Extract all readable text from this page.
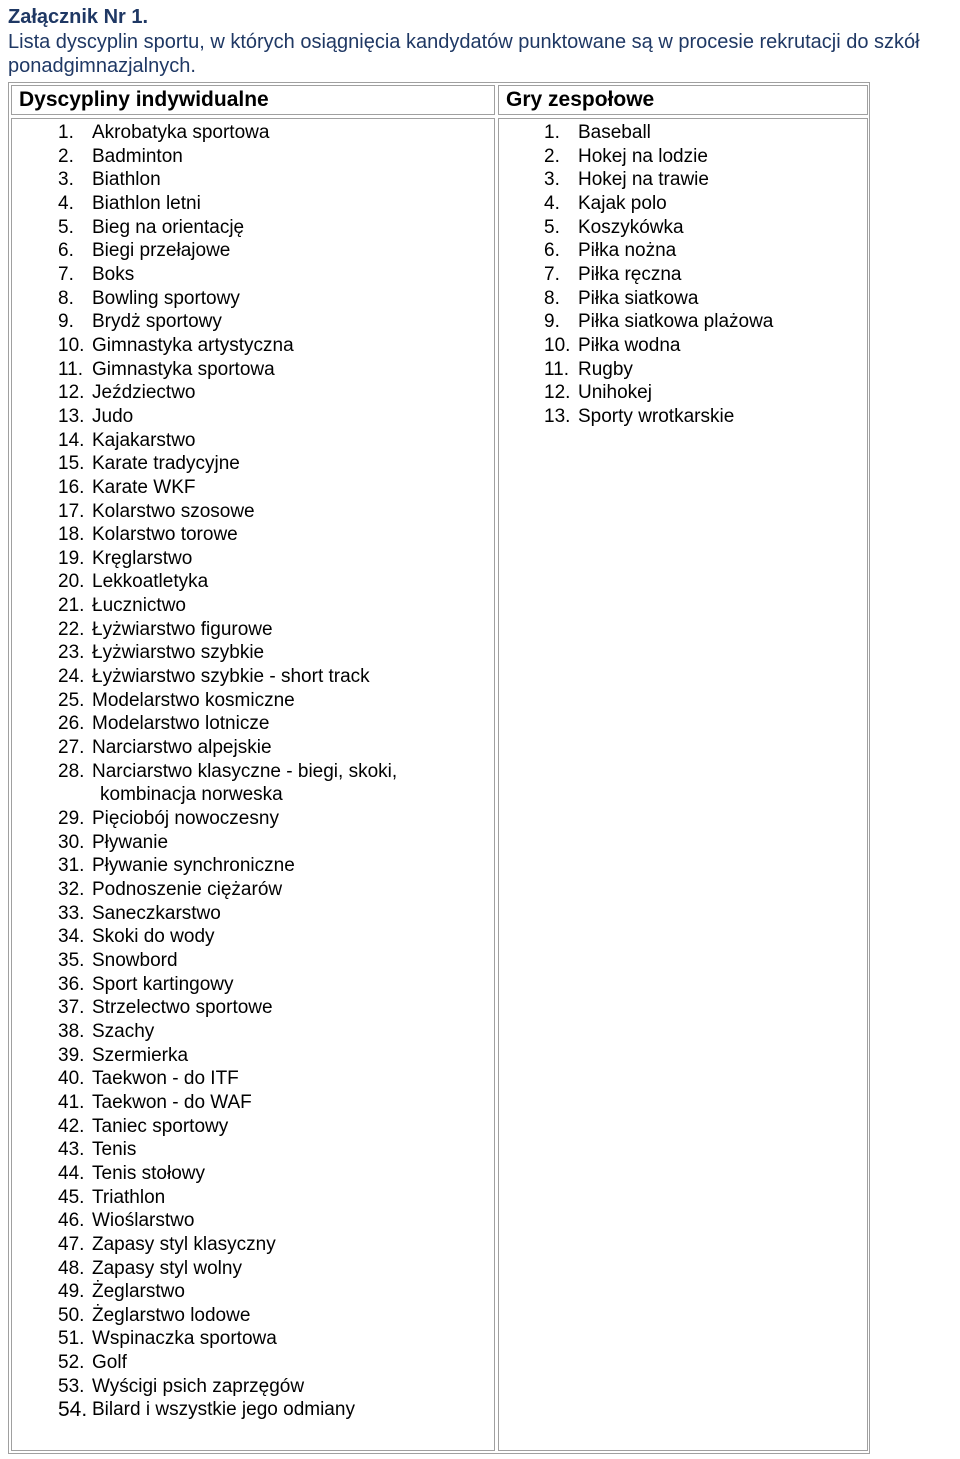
Załącznik Nr 1.

Lista dyscyplin sportu, w których osiągnięcia kandydatów punktowane są w procesie rekrutacji do szkół ponadgimnazjalnych.

Dyscypliny indywidualne	Gry zespołowe

1. Akrobatyka sportowa
2. Badminton
3. Biathlon
4. Biathlon letni
5. Bieg na orientację
6. Biegi przełajowe
7. Boks
8. Bowling sportowy
9. Brydż sportowy
10. Gimnastyka artystyczna
11. Gimnastyka sportowa
12. Jeździectwo
13. Judo
14. Kajakarstwo
15. Karate tradycyjne
16. Karate WKF
17. Kolarstwo szosowe
18. Kolarstwo torowe
19. Kręglarstwo
20. Lekkoatletyka
21. Łucznictwo
22. Łyżwiarstwo figurowe
23. Łyżwiarstwo szybkie
24. Łyżwiarstwo szybkie - short track
25. Modelarstwo kosmiczne
26. Modelarstwo lotnicze
27. Narciarstwo alpejskie
28. Narciarstwo klasyczne - biegi, skoki,
kombinacja norweska
29. Pięciobój nowoczesny
30. Pływanie
31. Pływanie synchroniczne
32. Podnoszenie ciężarów
33. Saneczkarstwo
34. Skoki do wody
35. Snowbord
36. Sport kartingowy
37. Strzelectwo sportowe
38. Szachy
39. Szermierka
40. Taekwon - do ITF
41. Taekwon - do WAF
42. Taniec sportowy
43. Tenis
44. Tenis stołowy
45. Triathlon
46. Wioślarstwo
47. Zapasy styl klasyczny
48. Zapasy styl wolny
49. Żeglarstwo
50. Żeglarstwo lodowe
51. Wspinaczka sportowa
52. Golf
53. Wyścigi psich zaprzęgów
54. Bilard i wszystkie jego odmiany
1. Baseball
2. Hokej na lodzie
3. Hokej na trawie
4. Kajak polo
5. Koszykówka
6. Piłka nożna
7. Piłka ręczna
8. Piłka siatkowa
9. Piłka siatkowa plażowa
10. Piłka wodna
11. Rugby
12. Unihokej
13. Sporty wrotkarskie
